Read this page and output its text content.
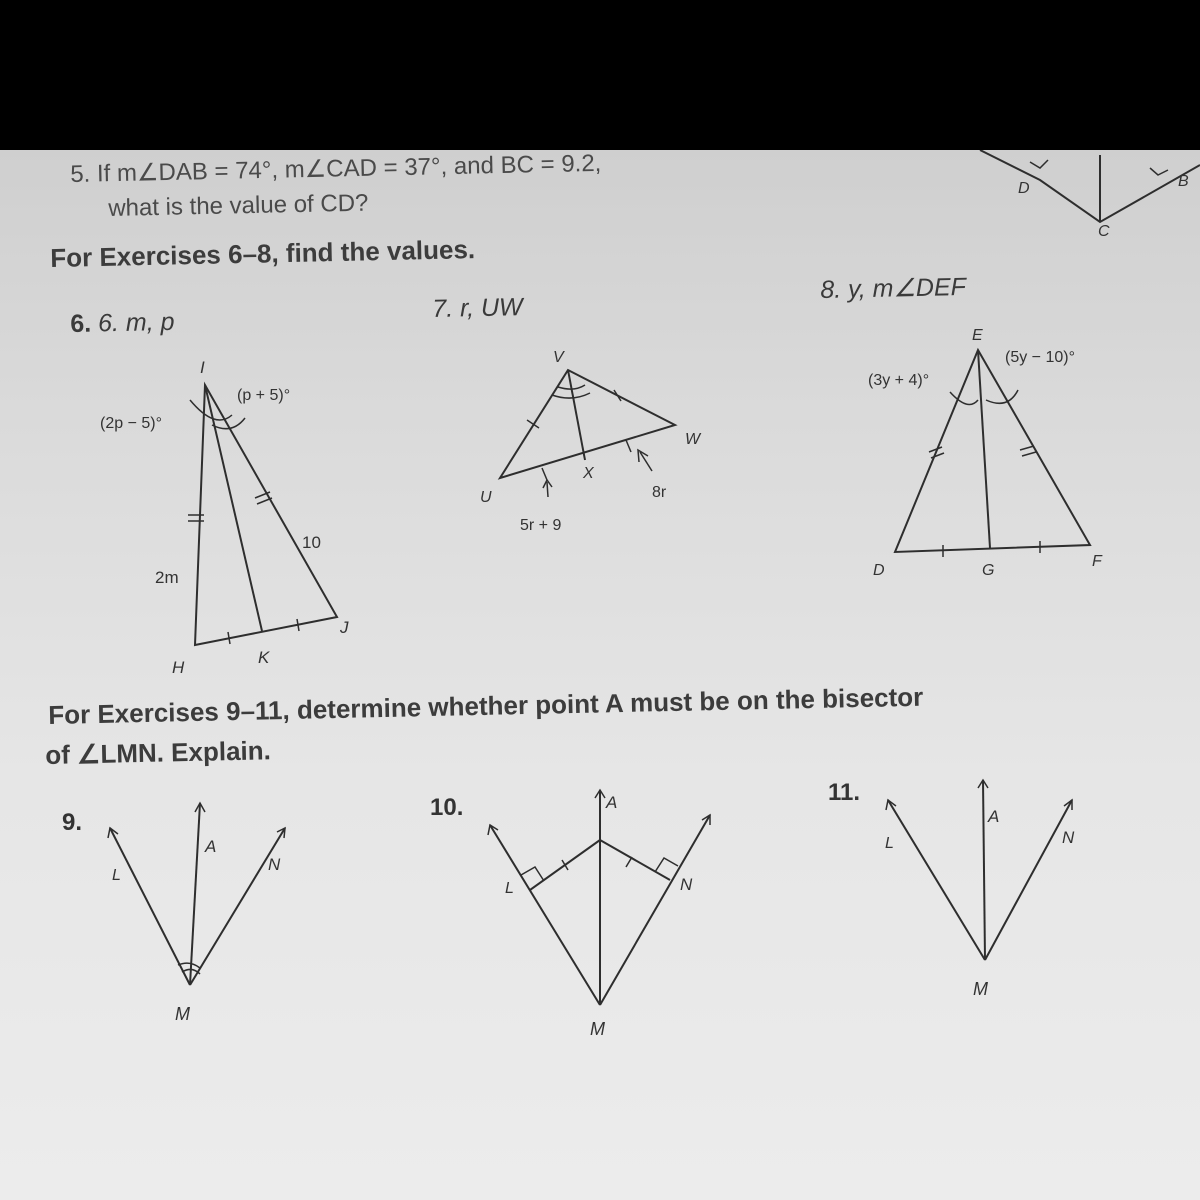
5. If m∠DAB = 74°, m∠CAD = 37°, and BC = 9.2,
what is the value of CD?
For Exercises 6–8, find the values.
6. 6. m, p	7. r, UW
8. y, m∠DEF
For Exercises 9–11, determine whether point A must be on the bisector
of ∠LMN. Explain.
D	B
C
I
(2p − 5)°
(p + 5)°
2m
10
H
K
J
V
U
X
W
5r + 9
8r
E
(3y + 4)°
(5y − 10)°
D	G
F
9.
L
A
N
M
10.
L
A
N
M
11.
L
A
N
M
